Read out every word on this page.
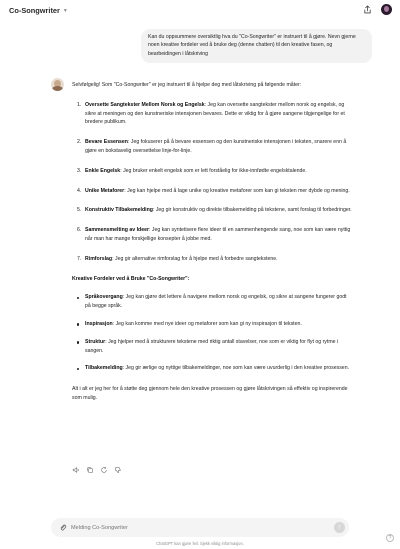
Co-Songwriter ▼
Kan du oppsummere oversiktlig hva du "Co-Songwriter" er instruert til å gjøre. Nevn gjerne noen kreative fordeler ved å bruke deg (denne chatten) til den kreative fasen, og bearbeidingen i låtskriving

Selvfølgelig! Som "Co-Songwriter" er jeg instruert til å hjelpe deg med låtskriving på følgende måter:

1. Oversette Sangtekster Mellom Norsk og Engelsk: Jeg kan oversette sangtekster mellom norsk og engelsk, og sikre at meningen og den kunstneriske intensjonen bevares. Dette er viktig for å gjøre sangene tilgjengelige for et bredere publikum.
2. Bevare Essensen: Jeg fokuserer på å bevare essensen og den kunstneriske intensjonen i teksten, snarere enn å gjøre en bokstavelig oversettelse linje-for-linje.
3. Enkle Engelsk: Jeg bruker enkelt engelsk som er lett forståelig for ikke-innfødte engelsktalende.
4. Unike Metaforer: Jeg kan hjelpe med å lage unike og kreative metaforer som kan gi teksten mer dybde og mening.
5. Konstruktiv Tilbakemelding: Jeg gir konstruktiv og direkte tilbakemelding på tekstene, samt forslag til forbedringer.
6. Sammensmelting av Ideer: Jeg kan syntetisere flere ideer til en sammenhengende sang, noe som kan være nyttig når man har mange forskjellige konsepter å jobbe med.
7. Rimforslag: Jeg gir alternative rimforslag for å hjelpe med å forbedre sangtekstene.

Kreative Fordeler ved å Bruke "Co-Songwriter":

Språkovergang: Jeg kan gjøre det lettere å navigere mellom norsk og engelsk, og sikre at sangene fungerer godt på begge språk.
Inspirasjon: Jeg kan komme med nye ideer og metaforer som kan gi ny inspirasjon til teksten.
Struktur: Jeg hjelper med å strukturere tekstene med riktig antall stavelser, noe som er viktig for flyt og rytme i sangen.
Tilbakemelding: Jeg gir ærlige og nyttige tilbakemeldinger, noe som kan være uvurderlig i den kreative prosessen.

Alt i alt er jeg her for å støtte deg gjennom hele den kreative prosessen og gjøre låtskrivingen så effektiv og inspirerende som mulig.

Melding Co-Songwriter
↑
ChatGPT kan gjøre feil. Sjekk viktig informasjon.
?
